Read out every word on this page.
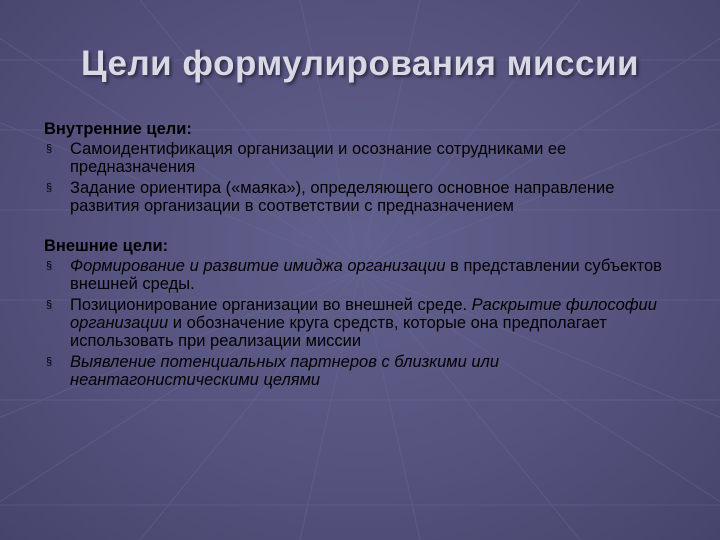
Цели формулирования миссии
Внутренние цели:
§ Самоидентификация организации и осознание сотрудниками ее предназначения
§ Задание ориентира («маяка»), определяющего основное направление развития организации в соответствии с предназначением
Внешние цели:
§ Формирование и развитие имиджа организации в представлении субъектов внешней среды.
§ Позиционирование организации во внешней среде. Раскрытие философии организации и обозначение круга средств, которые она предполагает использовать при реализации миссии
§ Выявление потенциальных партнеров с близкими или неантагонистическими целями
